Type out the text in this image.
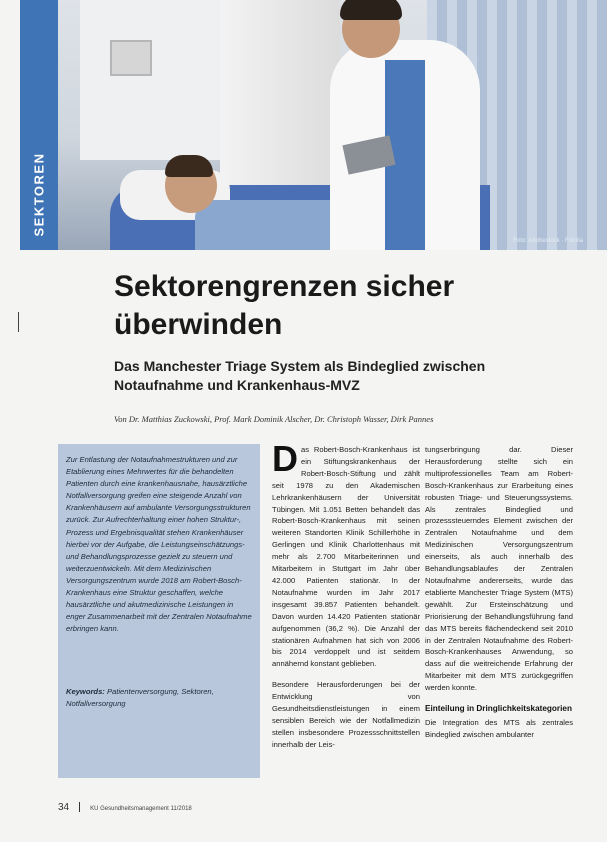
SEKTOREN
Foto: Adobestock · Fotolia
Sektorengrenzen sicher überwinden
Das Manchester Triage System als Bindeglied zwischen Notaufnahme und Krankenhaus-MVZ
Von Dr. Matthias Zuckowski, Prof. Mark Dominik Alscher, Dr. Christoph Wasser, Dirk Pannes
Zur Entlastung der Notaufnahmestrukturen und zur Etablierung eines Mehrwertes für die behandelten Patienten durch eine krankenhausnahe, hausärztliche Notfallversorgung greifen eine steigende Anzahl von Krankenhäusern auf ambulante Versorgungsstrukturen zurück. Zur Aufrechterhaltung einer hohen Struktur-, Prozess und Ergebnisqualität stehen Krankenhäuser hierbei vor der Aufgabe, die Leistungseinschätzungs- und Behandlungsprozesse gezielt zu steuern und weiterzuentwickeln. Mit dem Medizinischen Versorgungszentrum wurde 2018 am Robert-Bosch-Krankenhaus eine Struktur geschaffen, welche hausärztliche und akutmedizinische Leistungen in enger Zusammenarbeit mit der Zentralen Notaufnahme erbringen kann.
Keywords: Patientenversorgung, Sektoren, Notfallversorgung

Das Robert-Bosch-Krankenhaus ist ein Stiftungskrankenhaus der Robert-Bosch-Stiftung und zählt seit 1978 zu den Akademischen Lehrkrankenhäusern der Universität Tübingen. Mit 1.051 Betten behandelt das Robert-Bosch-Krankenhaus mit seinen weiteren Standorten Klinik Schillerhöhe in Gerlingen und Klinik Charlottenhaus mit mehr als 2.700 Mitarbeiterinnen und Mitarbeitern in Stuttgart im Jahr über 42.000 Patienten stationär. In der Notaufnahme wurden im Jahr 2017 insgesamt 39.857 Patienten behandelt. Davon wurden 14.420 Patienten stationär aufgenommen (36,2 %). Die Anzahl der stationären Aufnahmen hat sich von 2006 bis 2014 verdoppelt und ist seitdem annähernd konstant geblieben.

Besondere Herausforderungen bei der Entwicklung von Gesundheitsdienstleistungen in einem sensiblen Bereich wie der Notfallmedizin stellen insbesondere Prozessschnittstellen innerhalb der Leis-

tungserbringung dar. Dieser Herausforderung stellte sich ein multiprofessionelles Team am Robert-Bosch-Krankenhaus zur Erarbeitung eines robusten Triage- und Steuerungssystems. Als zentrales Bindeglied und prozesssteuerndes Element zwischen der Zentralen Notaufnahme und dem Medizinischen Versorgungszentrum einerseits, als auch innerhalb des Behandlungsablaufes der Zentralen Notaufnahme andererseits, wurde das etablierte Manchester Triage System (MTS) gewählt. Zur Ersteinschätzung und Priorisierung der Behandlungsführung fand das MTS bereits flächendeckend seit 2010 in der Zentralen Notaufnahme des Robert-Bosch-Krankenhauses Anwendung, so dass auf die weitreichende Erfahrung der Mitarbeiter mit dem MTS zurückgegriffen werden konnte.

Einteilung in Dringlichkeitskategorien

Die Integration des MTS als zentrales Bindeglied zwischen ambulanter

34	KU Gesundheitsmanagement 11/2018
